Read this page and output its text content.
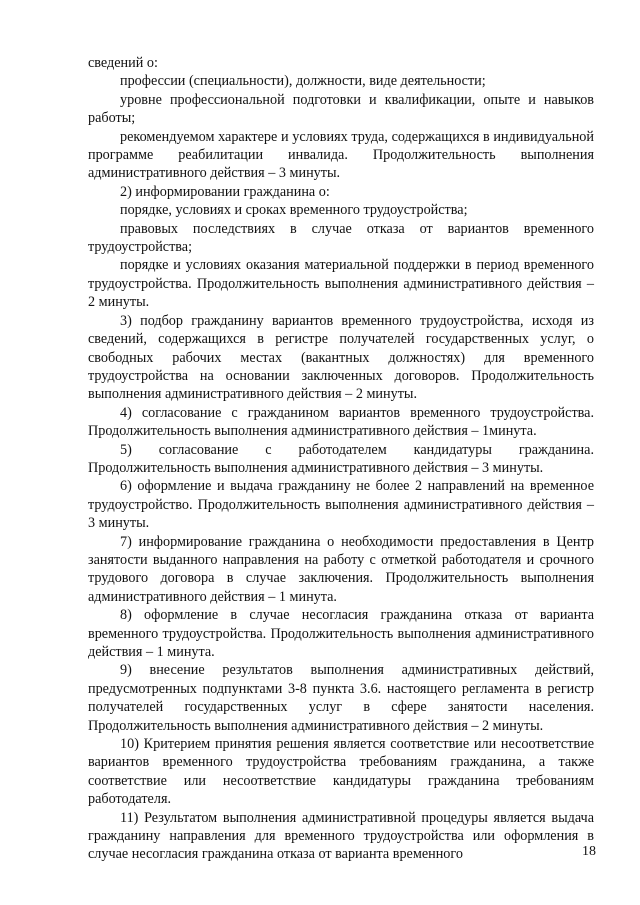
сведений о:

профессии (специальности), должности, виде деятельности;

уровне профессиональной подготовки и квалификации, опыте и навыков работы;

рекомендуемом характере и условиях труда, содержащихся в индивидуальной программе реабилитации инвалида. Продолжительность выполнения административного действия – 3 минуты.

2) информировании гражданина о:

порядке, условиях и сроках временного трудоустройства;

правовых последствиях в случае отказа от вариантов временного трудоустройства;

порядке и условиях оказания материальной поддержки в период временного трудоустройства. Продолжительность выполнения административного действия – 2 минуты.

3) подбор гражданину вариантов временного трудоустройства, исходя из сведений, содержащихся в регистре получателей государственных услуг, о свободных рабочих местах (вакантных должностях) для временного трудоустройства на основании заключенных договоров. Продолжительность выполнения административного действия – 2 минуты.

4) согласование с гражданином вариантов временного трудоустройства. Продолжительность выполнения административного действия – 1минута.

5) согласование с работодателем кандидатуры гражданина. Продолжительность выполнения административного действия – 3 минуты.

6) оформление и выдача гражданину не более 2 направлений на временное трудоустройство. Продолжительность выполнения административного действия – 3 минуты.

7) информирование гражданина о необходимости предоставления в Центр занятости выданного направления на работу с отметкой работодателя и срочного трудового договора в случае заключения. Продолжительность выполнения административного действия – 1 минута.

8) оформление в случае несогласия гражданина отказа от варианта временного трудоустройства. Продолжительность выполнения административного действия – 1 минута.

9) внесение результатов выполнения административных действий, предусмотренных подпунктами 3-8 пункта 3.6. настоящего регламента в регистр получателей государственных услуг в сфере занятости населения. Продолжительность выполнения административного действия – 2 минуты.

10) Критерием принятия решения является соответствие или несоответствие вариантов временного трудоустройства требованиям гражданина, а также соответствие или несоответствие кандидатуры гражданина требованиям работодателя.

11) Результатом выполнения административной процедуры является выдача гражданину направления для временного трудоустройства или оформления в случае несогласия гражданина отказа от варианта временного	18
